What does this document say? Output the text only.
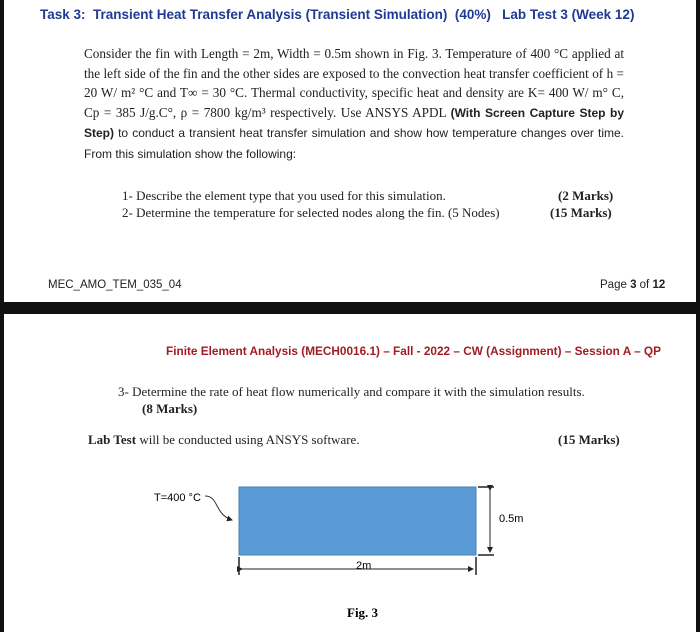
Task 3:  Transient Heat Transfer Analysis (Transient Simulation)  (40%)   Lab Test 3 (Week 12)
Consider the fin with Length = 2m, Width = 0.5m shown in Fig. 3. Temperature of 400 °C applied at the left side of the fin and the other sides are exposed to the convection heat transfer coefficient of h = 20 W/ m² °C and T∞ = 30 °C. Thermal conductivity, specific heat and density are K= 400 W/ m° C, Cp = 385 J/g.C°, ρ = 7800 kg/m³ respectively. Use ANSYS APDL (With Screen Capture Step by Step) to conduct a transient heat transfer simulation and show how temperature changes over time. From this simulation show the following:
1- Describe the element type that you used for this simulation.	(2 Marks)
2- Determine the temperature for selected nodes along the fin. (5 Nodes)	(15 Marks)
MEC_AMO_TEM_035_04	Page 3 of 12
Finite Element Analysis (MECH0016.1) – Fall - 2022 – CW (Assignment) – Session A – QP
3- Determine the rate of heat flow numerically and compare it with the simulation results.
(8 Marks)
Lab Test will be conducted using ANSYS software.	(15 Marks)
T=400 °C
0.5m
2m
Fig. 3
